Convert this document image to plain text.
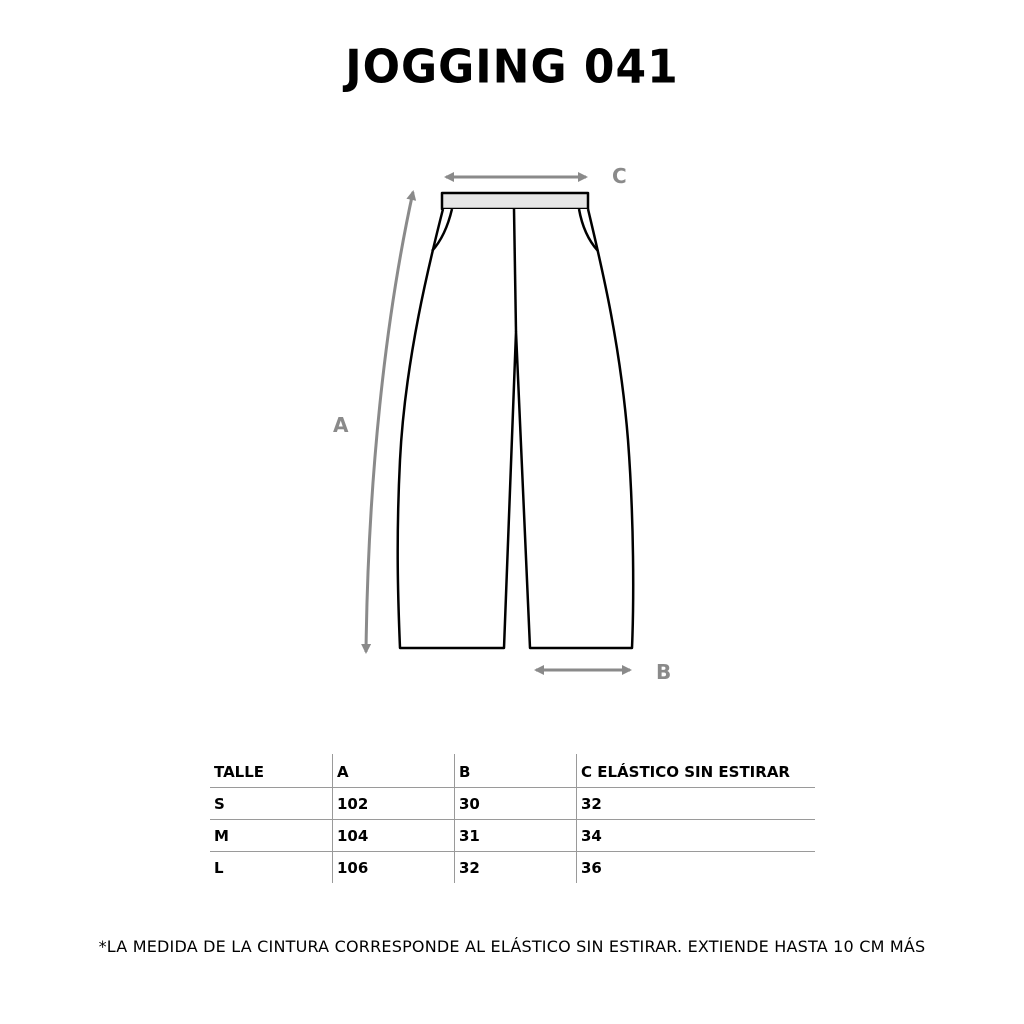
JOGGING 041
C
A
B
TALLE	A	B	C ELÁSTICO SIN ESTIRAR
S	102	30	32
M	104	31	34
L	106	32	36
*LA MEDIDA DE LA CINTURA CORRESPONDE AL ELÁSTICO SIN ESTIRAR. EXTIENDE HASTA 10 CM MÁS
